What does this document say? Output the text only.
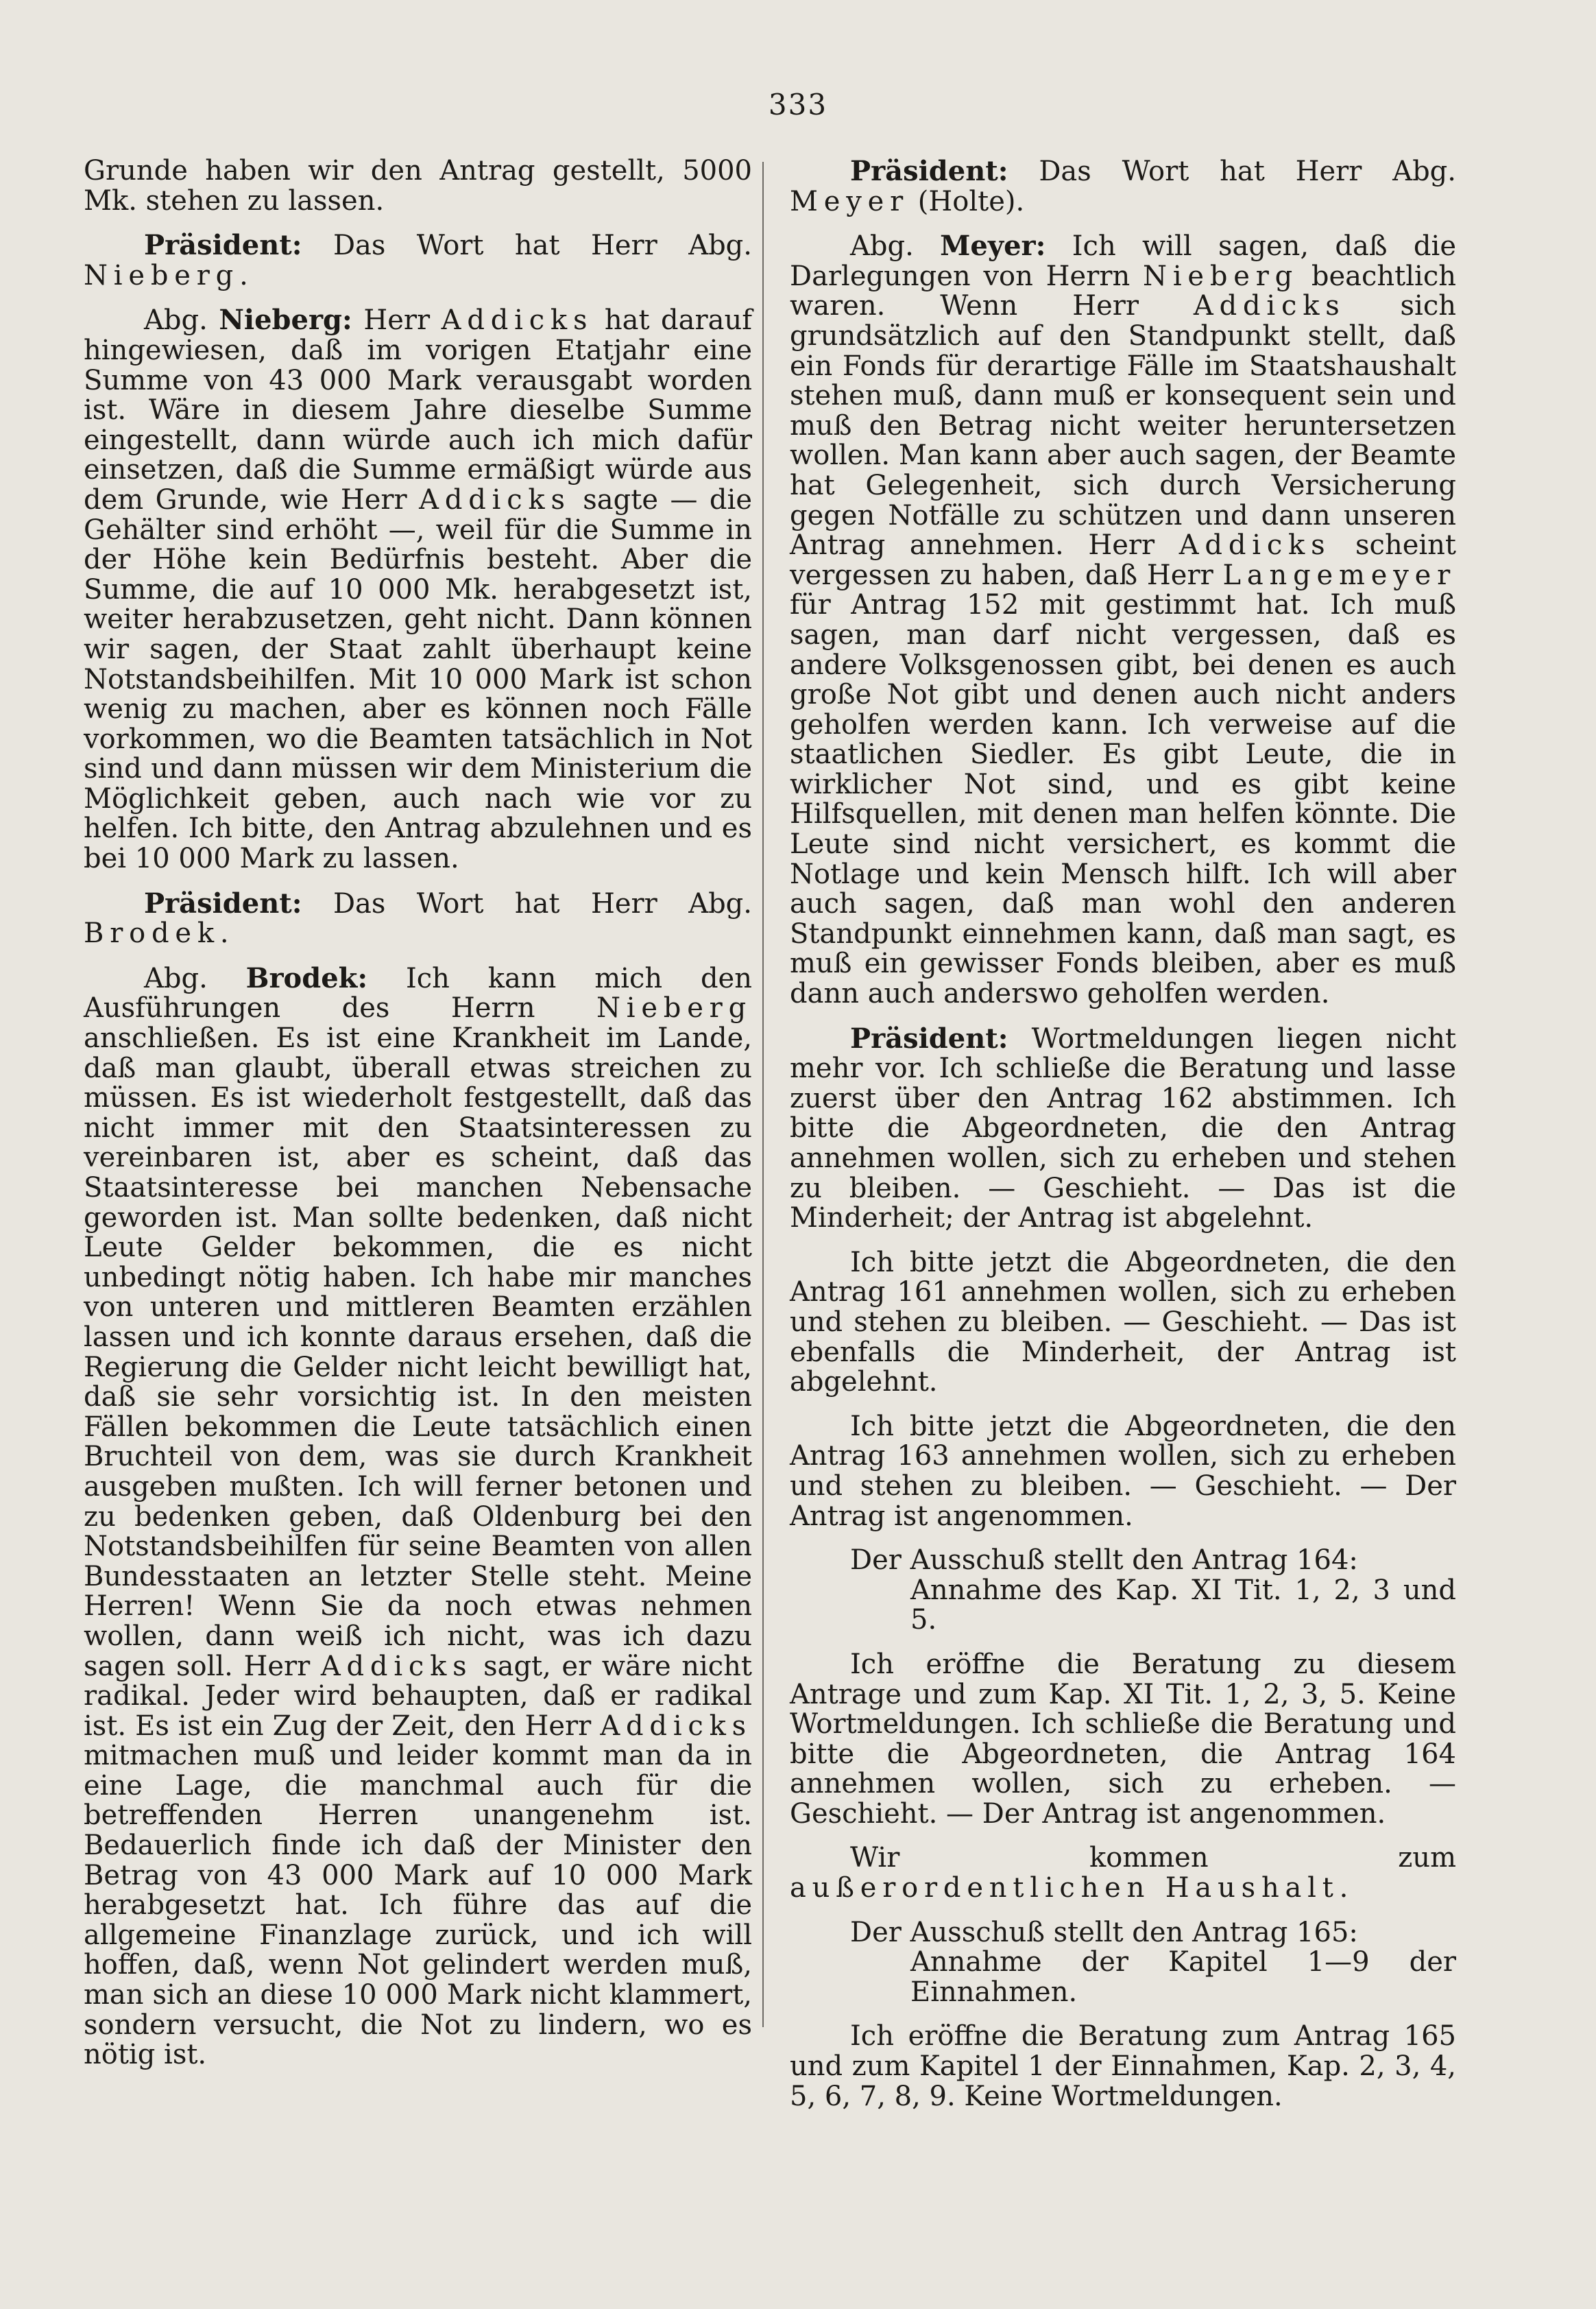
333

Grunde haben wir den Antrag gestellt, 5000 Mk. stehen zu lassen.

Präsident: Das Wort hat Herr Abg. Nieberg.

Abg. Nieberg: Herr Addicks hat darauf hingewiesen, daß im vorigen Etatjahr eine Summe von 43 000 Mark verausgabt worden ist. Wäre in diesem Jahre dieselbe Summe eingestellt, dann würde auch ich mich dafür einsetzen, daß die Summe ermäßigt würde aus dem Grunde, wie Herr Addicks sagte — die Gehälter sind erhöht —, weil für die Summe in der Höhe kein Bedürfnis besteht. Aber die Summe, die auf 10 000 Mk. herabgesetzt ist, weiter herabzusetzen, geht nicht. Dann können wir sagen, der Staat zahlt überhaupt keine Notstandsbeihilfen. Mit 10 000 Mark ist schon wenig zu machen, aber es können noch Fälle vorkommen, wo die Beamten tatsächlich in Not sind und dann müssen wir dem Ministerium die Möglichkeit geben, auch nach wie vor zu helfen. Ich bitte, den Antrag abzulehnen und es bei 10 000 Mark zu lassen.

Präsident: Das Wort hat Herr Abg. Brodek.

Abg. Brodek: Ich kann mich den Ausführungen des Herrn Nieberg anschließen. Es ist eine Krankheit im Lande, daß man glaubt, überall etwas streichen zu müssen. Es ist wiederholt festgestellt, daß das nicht immer mit den Staatsinteressen zu vereinbaren ist, aber es scheint, daß das Staatsinteresse bei manchen Nebensache geworden ist. Man sollte bedenken, daß nicht Leute Gelder bekommen, die es nicht unbedingt nötig haben. Ich habe mir manches von unteren und mittleren Beamten erzählen lassen und ich konnte daraus ersehen, daß die Regierung die Gelder nicht leicht bewilligt hat, daß sie sehr vorsichtig ist. In den meisten Fällen bekommen die Leute tatsächlich einen Bruchteil von dem, was sie durch Krankheit ausgeben mußten. Ich will ferner betonen und zu bedenken geben, daß Oldenburg bei den Notstandsbeihilfen für seine Beamten von allen Bundesstaaten an letzter Stelle steht. Meine Herren! Wenn Sie da noch etwas nehmen wollen, dann weiß ich nicht, was ich dazu sagen soll. Herr Addicks sagt, er wäre nicht radikal. Jeder wird behaupten, daß er radikal ist. Es ist ein Zug der Zeit, den Herr Addicks mitmachen muß und leider kommt man da in eine Lage, die manchmal auch für die betreffenden Herren unangenehm ist. Bedauerlich finde ich daß der Minister den Betrag von 43 000 Mark auf 10 000 Mark herabgesetzt hat. Ich führe das auf die allgemeine Finanzlage zurück, und ich will hoffen, daß, wenn Not gelindert werden muß, man sich an diese 10 000 Mark nicht klammert, sondern versucht, die Not zu lindern, wo es nötig ist.

Präsident: Das Wort hat Herr Abg. Meyer (Holte).

Abg. Meyer: Ich will sagen, daß die Darlegungen von Herrn Nieberg beachtlich waren. Wenn Herr Addicks sich grundsätzlich auf den Standpunkt stellt, daß ein Fonds für derartige Fälle im Staatshaushalt stehen muß, dann muß er konsequent sein und muß den Betrag nicht weiter heruntersetzen wollen. Man kann aber auch sagen, der Beamte hat Gelegenheit, sich durch Versicherung gegen Notfälle zu schützen und dann unseren Antrag annehmen. Herr Addicks scheint vergessen zu haben, daß Herr Langemeyer für Antrag 152 mit gestimmt hat. Ich muß sagen, man darf nicht vergessen, daß es andere Volksgenossen gibt, bei denen es auch große Not gibt und denen auch nicht anders geholfen werden kann. Ich verweise auf die staatlichen Siedler. Es gibt Leute, die in wirklicher Not sind, und es gibt keine Hilfsquellen, mit denen man helfen könnte. Die Leute sind nicht versichert, es kommt die Notlage und kein Mensch hilft. Ich will aber auch sagen, daß man wohl den anderen Standpunkt einnehmen kann, daß man sagt, es muß ein gewisser Fonds bleiben, aber es muß dann auch anderswo geholfen werden.

Präsident: Wortmeldungen liegen nicht mehr vor. Ich schließe die Beratung und lasse zuerst über den Antrag 162 abstimmen. Ich bitte die Abgeordneten, die den Antrag annehmen wollen, sich zu erheben und stehen zu bleiben. — Geschieht. — Das ist die Minderheit; der Antrag ist abgelehnt.

Ich bitte jetzt die Abgeordneten, die den Antrag 161 annehmen wollen, sich zu erheben und stehen zu bleiben. — Geschieht. — Das ist ebenfalls die Minderheit, der Antrag ist abgelehnt.

Ich bitte jetzt die Abgeordneten, die den Antrag 163 annehmen wollen, sich zu erheben und stehen zu bleiben. — Geschieht. — Der Antrag ist angenommen.

Der Ausschuß stellt den Antrag 164:

Annahme des Kap. XI Tit. 1, 2, 3 und 5.

Ich eröffne die Beratung zu diesem Antrage und zum Kap. XI Tit. 1, 2, 3, 5. Keine Wortmeldungen. Ich schließe die Beratung und bitte die Abgeordneten, die Antrag 164 annehmen wollen, sich zu erheben. — Geschieht. — Der Antrag ist angenommen.

Wir kommen zum außerordentlichen Haushalt.

Der Ausschuß stellt den Antrag 165:

Annahme der Kapitel 1—9 der Einnahmen.

Ich eröffne die Beratung zum Antrag 165 und zum Kapitel 1 der Einnahmen, Kap. 2, 3, 4, 5, 6, 7, 8, 9. Keine Wortmeldungen.
